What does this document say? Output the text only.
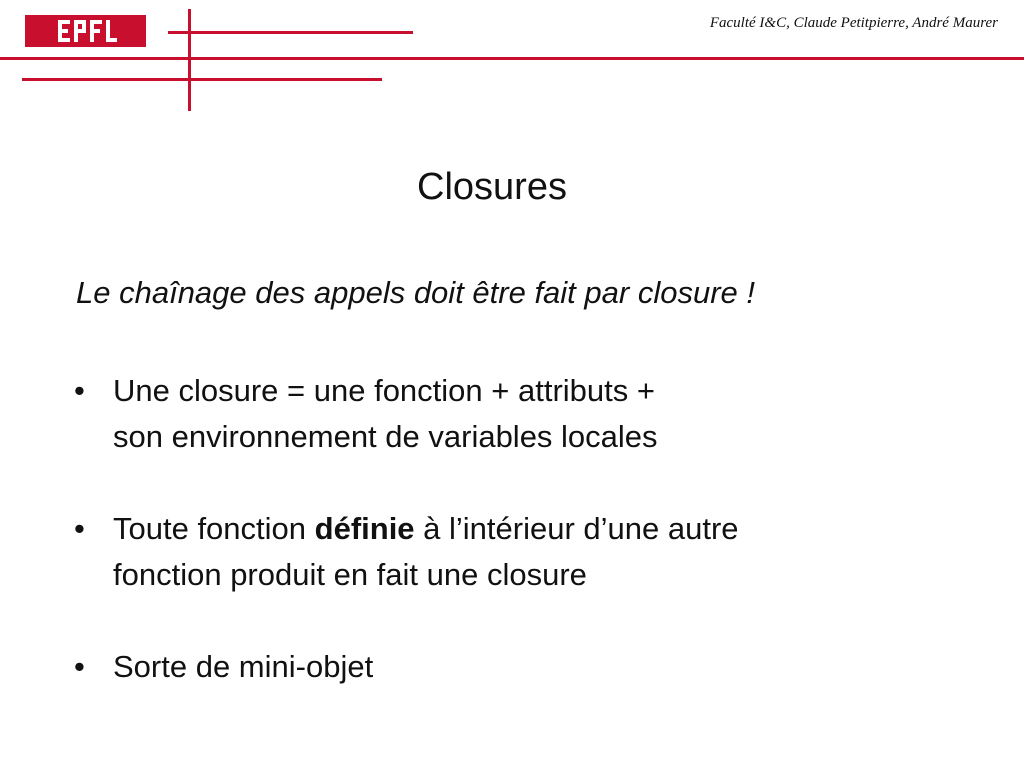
Faculté I&C, Claude Petitpierre, André Maurer
Closures
Le chaînage des appels doit être fait par closure !
• Une closure = une fonction + attributs +
son environnement de variables locales
• Toute fonction définie à l’intérieur d’une autre
fonction produit en fait une closure
• Sorte de mini-objet
